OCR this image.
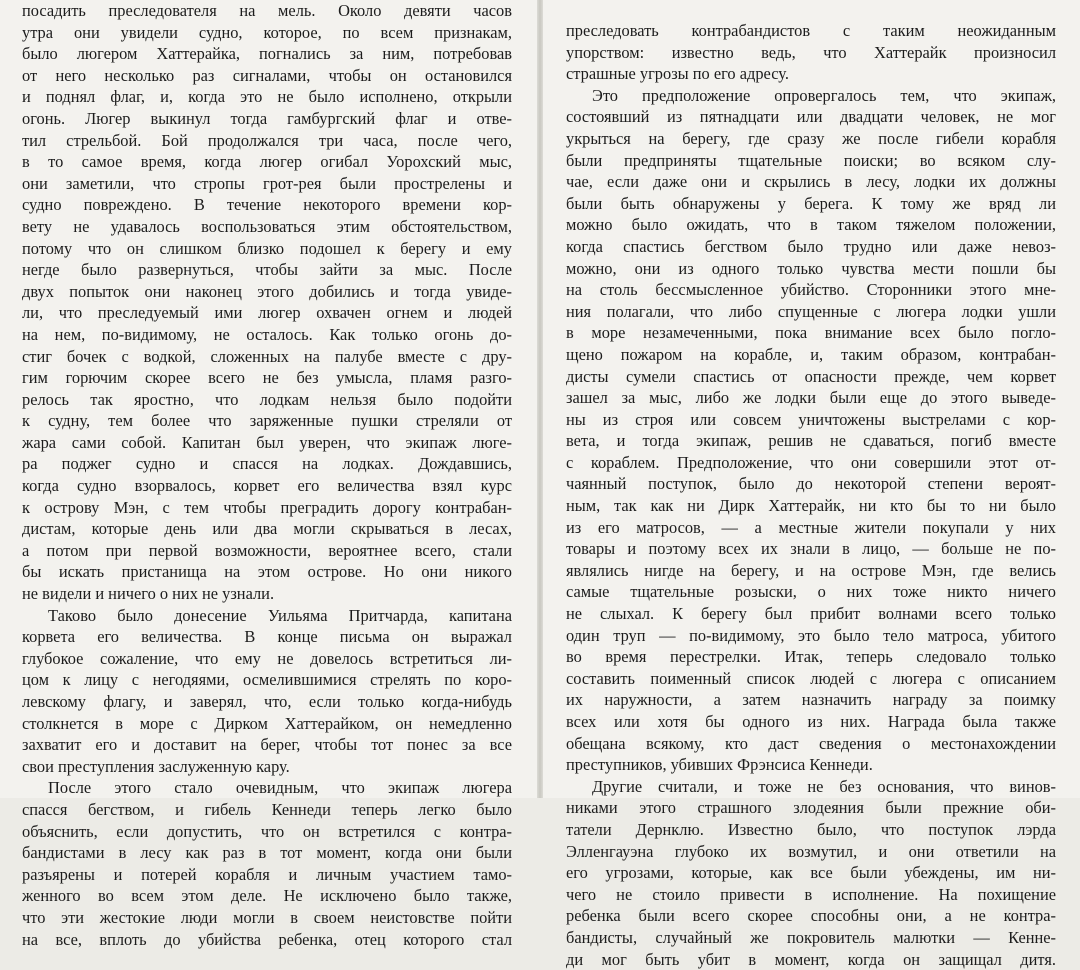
посадить преследователя на мель. Около девяти часов
утра они увидели судно, которое, по всем признакам,
было люгером Хаттерайка, погнались за ним, потребовав
от него несколько раз сигналами, чтобы он остановился
и поднял флаг, и, когда это не было исполнено, открыли
огонь. Люгер выкинул тогда гамбургский флаг и отве-
тил стрельбой. Бой продолжался три часа, после чего,
в то самое время, когда люгер огибал Уорохский мыс,
они заметили, что стропы грот-рея были прострелены и
судно повреждено. В течение некоторого времени кор-
вету не удавалось воспользоваться этим обстоятельством,
потому что он слишком близко подошел к берегу и ему
негде было развернуться, чтобы зайти за мыс. После
двух попыток они наконец этого добились и тогда увиде-
ли, что преследуемый ими люгер охвачен огнем и людей
на нем, по-видимому, не осталось. Как только огонь до-
стиг бочек с водкой, сложенных на палубе вместе с дру-
гим горючим скорее всего не без умысла, пламя разго-
релось так яростно, что лодкам нельзя было подойти
к судну, тем более что заряженные пушки стреляли от
жара сами собой. Капитан был уверен, что экипаж люге-
ра поджег судно и спасся на лодках. Дождавшись,
когда судно взорвалось, корвет его величества взял курс
к острову Мэн, с тем чтобы преградить дорогу контрабан-
дистам, которые день или два могли скрываться в лесах,
а потом при первой возможности, вероятнее всего, стали
бы искать пристанища на этом острове. Но они никого
не видели и ничего о них не узнали.
Таково было донесение Уильяма Притчарда, капитана
корвета его величества. В конце письма он выражал
глубокое сожаление, что ему не довелось встретиться ли-
цом к лицу с негодяями, осмелившимися стрелять по коро-
левскому флагу, и заверял, что, если только когда-нибудь
столкнется в море с Дирком Хаттерайком, он немедленно
захватит его и доставит на берег, чтобы тот понес за все
свои преступления заслуженную кару.
После этого стало очевидным, что экипаж люгера
спасся бегством, и гибель Кеннеди теперь легко было
объяснить, если допустить, что он встретился с контра-
бандистами в лесу как раз в тот момент, когда они были
разъярены и потерей корабля и личным участием тамо-
женного во всем этом деле. Не исключено было также,
что эти жестокие люди могли в своем неистовстве пойти
на все, вплоть до убийства ребенка, отец которого стал
преследовать контрабандистов с таким неожиданным
упорством: известно ведь, что Хаттерайк произносил
страшные угрозы по его адресу.
Это предположение опровергалось тем, что экипаж,
состоявший из пятнадцати или двадцати человек, не мог
укрыться на берегу, где сразу же после гибели корабля
были предприняты тщательные поиски; во всяком слу-
чае, если даже они и скрылись в лесу, лодки их должны
были быть обнаружены у берега. К тому же вряд ли
можно было ожидать, что в таком тяжелом положении,
когда спастись бегством было трудно или даже невоз-
можно, они из одного только чувства мести пошли бы
на столь бессмысленное убийство. Сторонники этого мне-
ния полагали, что либо спущенные с люгера лодки ушли
в море незамеченными, пока внимание всех было погло-
щено пожаром на корабле, и, таким образом, контрабан-
дисты сумели спастись от опасности прежде, чем корвет
зашел за мыс, либо же лодки были еще до этого выведе-
ны из строя или совсем уничтожены выстрелами с кор-
вета, и тогда экипаж, решив не сдаваться, погиб вместе
с кораблем. Предположение, что они совершили этот от-
чаянный поступок, было до некоторой степени вероят-
ным, так как ни Дирк Хаттерайк, ни кто бы то ни было
из его матросов, — а местные жители покупали у них
товары и поэтому всех их знали в лицо, — больше не по-
являлись нигде на берегу, и на острове Мэн, где велись
самые тщательные розыски, о них тоже никто ничего
не слыхал. К берегу был прибит волнами всего только
один труп — по-видимому, это было тело матроса, убитого
во время перестрелки. Итак, теперь следовало только
составить поименный список людей с люгера с описанием
их наружности, а затем назначить награду за поимку
всех или хотя бы одного из них. Награда была также
обещана всякому, кто даст сведения о местонахождении
преступников, убивших Фрэнсиса Кеннеди.
Другие считали, и тоже не без основания, что винов-
никами этого страшного злодеяния были прежние оби-
татели Дернклю. Известно было, что поступок лэрда
Элленгауэна глубоко их возмутил, и они ответили на
его угрозами, которые, как все были убеждены, им ни-
чего не стоило привести в исполнение. На похищение
ребенка были всего скорее способны они, а не контра-
бандисты, случайный же покровитель малютки — Кенне-
ди мог быть убит в момент, когда он защищал дитя.
